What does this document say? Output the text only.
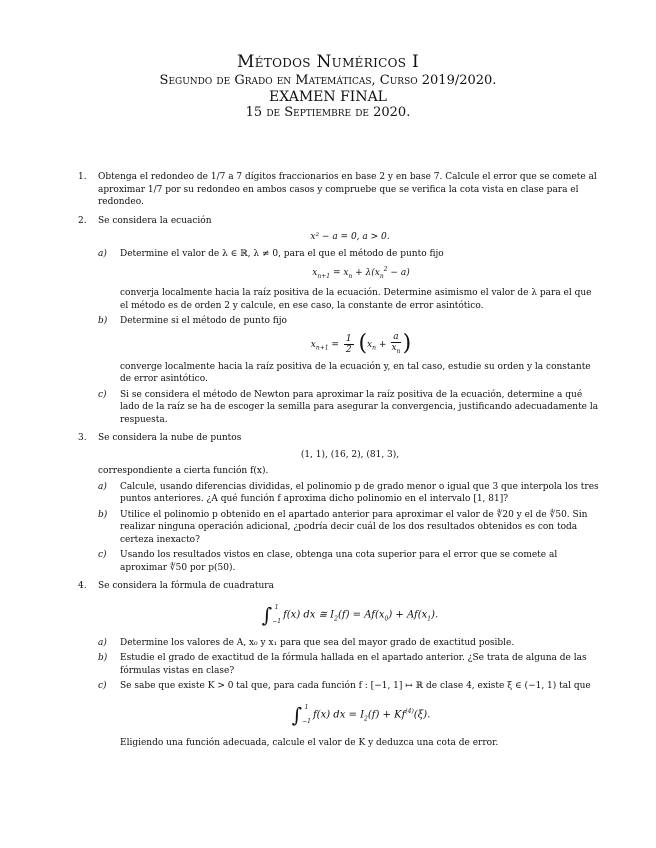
Métodos Numéricos I
Segundo de Grado en Matemáticas, Curso 2019/2020.
EXAMEN FINAL
15 de Septiembre de 2020.
1. Obtenga el redondeo de 1/7 a 7 dígitos fraccionarios en base 2 y en base 7. Calcule el error que se comete al aproximar 1/7 por su redondeo en ambos casos y compruebe que se verifica la cota vista en clase para el redondeo.
2. Se considera la ecuación
x² − a = 0, a > 0.
a) Determine el valor de λ ∈ ℝ, λ ≠ 0, para el que el método de punto fijo
$x_{n+1} = x_n + \lambda(x_n^2 - a)$
converja localmente hacia la raíz positiva de la ecuación. Determine asimismo el valor de λ para el que el método es de orden 2 y calcule, en ese caso, la constante de error asintótico.
b) Determine si el método de punto fijo
$x_{n+1} = \frac{1}{2} (x_n + \frac{a}{x_n}$ )
converge localmente hacia la raíz positiva de la ecuación y, en tal caso, estudie su orden y la constante de error asintótico.
c) Si se considera el método de Newton para aproximar la raíz positiva de la ecuación, determine a qué lado de la raíz se ha de escoger la semilla para asegurar la convergencia, justificando adecuadamente la respuesta.
3. Se considera la nube de puntos
(1, 1), (16, 2), (81, 3),
correspondiente a cierta función f(x).
a) Calcule, usando diferencias divididas, el polinomio p de grado menor o igual que 3 que interpola los tres puntos anteriores. ¿A qué función f aproxima dicho polinomio en el intervalo [1, 81]?
b) Utilice el polinomio p obtenido en el apartado anterior para aproximar el valor de ∜20 y el de ∜50. Sin realizar ninguna operación adicional, ¿podría decir cuál de los dos resultados obtenidos es con toda certeza inexacto?
c) Usando los resultados vistos en clase, obtenga una cota superior para el error que se comete al aproximar ∜50 por p(50).
4. Se considera la fórmula de cuadratura
∫ 1
−1
f(x) dx ≅ $I_2(f) = Af(x_0) + Af(x_1)$.
a) Determine los valores de A, x₀ y x₁ para que sea del mayor grado de exactitud posible.
b) Estudie el grado de exactitud de la fórmula hallada en el apartado anterior. ¿Se trata de alguna de las fórmulas vistas en clase?
c) Se sabe que existe K > 0 tal que, para cada función f : [−1, 1] ↦ ℝ de clase 4, existe ξ ∈ (−1, 1) tal que
∫ 1
−1
f(x) dx = $I_2(f) + Kf^{(4)}(\xi)$.
Eligiendo una función adecuada, calcule el valor de K y deduzca una cota de error.
